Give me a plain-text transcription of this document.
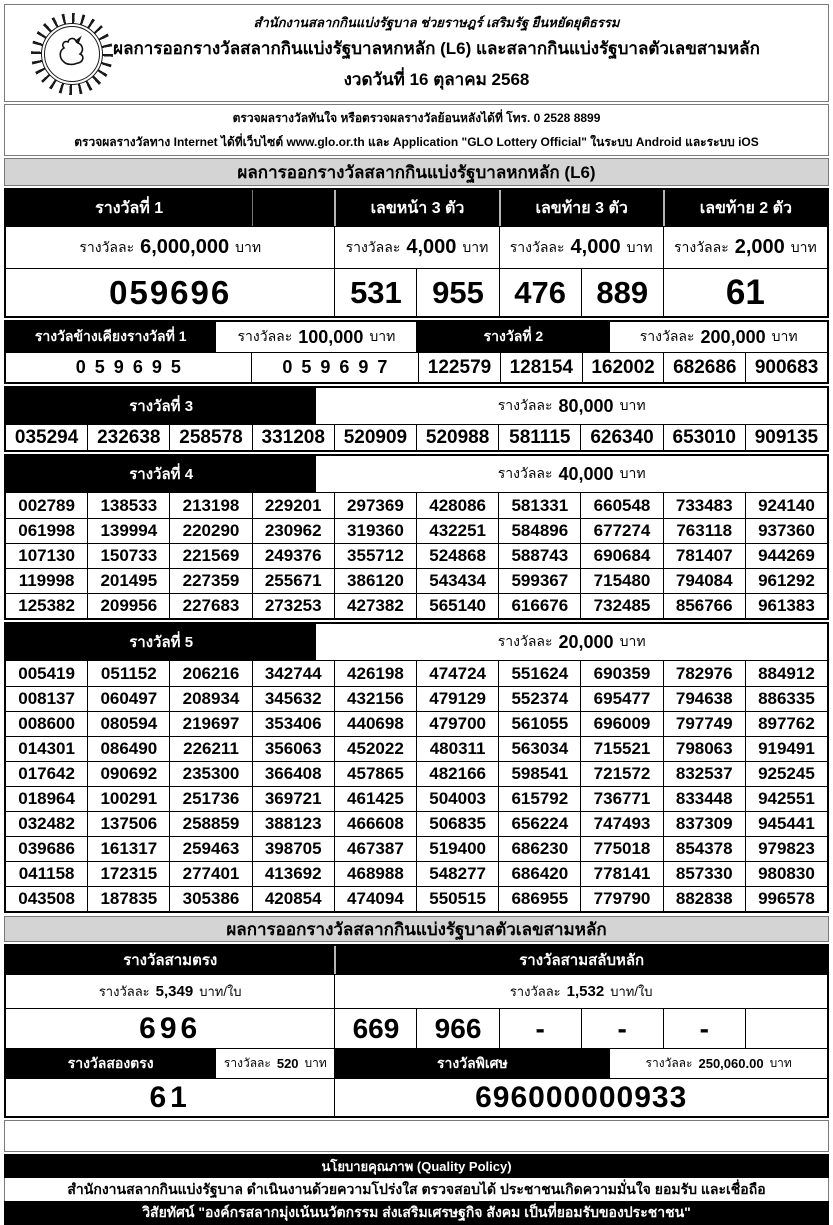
สำนักงานสลากกินแบ่งรัฐบาล ช่วยราษฎร์ เสริมรัฐ ยืนหยัดยุติธรรม
ผลการออกรางวัลสลากกินแบ่งรัฐบาลหกหลัก (L6) และสลากกินแบ่งรัฐบาลตัวเลขสามหลัก
งวดวันที่ 16 ตุลาคม 2568
ตรวจผลรางวัลทันใจ หรือตรวจผลรางวัลย้อนหลังได้ที่ โทร. 0 2528 8899
ตรวจผลรางวัลทาง Internet ได้ที่เว็บไซต์ www.glo.or.th และ Application "GLO Lottery Official" ในระบบ Android และระบบ iOS
ผลการออกรางวัลสลากกินแบ่งรัฐบาลหกหลัก (L6)
รางวัลที่ 1	เลขหน้า 3 ตัว	เลขท้าย 3 ตัว	เลขท้าย 2 ตัว
รางวัลละ 6,000,000 บาท	รางวัลละ 4,000 บาท รางวัลละ 4,000 บาท รางวัลละ 2,000 บาท
059696	531 955 476 889	61
รางวัลข้างเคียงรางวัลที่ 1	รางวัลละ 100,000 บาท	รางวัลที่ 2	รางวัลละ 200,000 บาท
059695	059697	122579 128154 162002 682686 900683
รางวัลที่ 3	รางวัลละ 80,000 บาท
035294 232638 258578 331208 520909 520988	581115	626340 653010 909135
รางวัลที่ 4	รางวัลละ 40,000 บาท
002789	138533	213198	229201	297369	428086	581331	660548	733483	924140
061998	139994	220290	230962	319360	432251	584896	677274	763118	937360
107130	150733	221569	249376	355712	524868	588743	690684	781407	944269
119998	201495	227359	255671	386120	543434	599367	715480	794084	961292
125382	209956	227683	273253	427382	565140	616676	732485	856766	961383
รางวัลที่ 5	รางวัลละ 20,000 บาท
005419	051152	206216	342744	426198	474724	551624	690359	782976	884912
008137	060497	208934	345632	432156	479129	552374	695477	794638	886335
008600	080594	219697	353406	440698	479700	561055	696009	797749	897762
014301	086490	226211	356063	452022	480311	563034	715521	798063	919491
017642	090692	235300	366408	457865	482166	598541	721572	832537	925245
018964	100291	251736	369721	461425	504003	615792	736771	833448	942551
032482	137506	258859	388123	466608	506835	656224	747493	837309	945441
039686	161317	259463	398705	467387	519400	686230	775018	854378	979823
041158	172315	277401	413692	468988	548277	686420	778141	857330	980830
043508	187835	305386	420854	474094	550515	686955	779790	882838	996578
ผลการออกรางวัลสลากกินแบ่งรัฐบาลตัวเลขสามหลัก
รางวัลสามตรง	รางวัลสามสลับหลัก
รางวัลละ 5,349 บาท/ใบ	รางวัลละ 1,532 บาท/ใบ
696	669	966	-	-	-
รางวัลสองตรง	รางวัลละ 520 บาท	รางวัลพิเศษ	รางวัลละ 250,060.00 บาท
61	696000000933
นโยบายคุณภาพ (Quality Policy)
สำนักงานสลากกินแบ่งรัฐบาล ดำเนินงานด้วยความโปร่งใส ตรวจสอบได้ ประชาชนเกิดความมั่นใจ ยอมรับ และเชื่อถือ
วิสัยทัศน์ "องค์กรสลากมุ่งเน้นนวัตกรรม ส่งเสริมเศรษฐกิจ สังคม เป็นที่ยอมรับของประชาชน"
